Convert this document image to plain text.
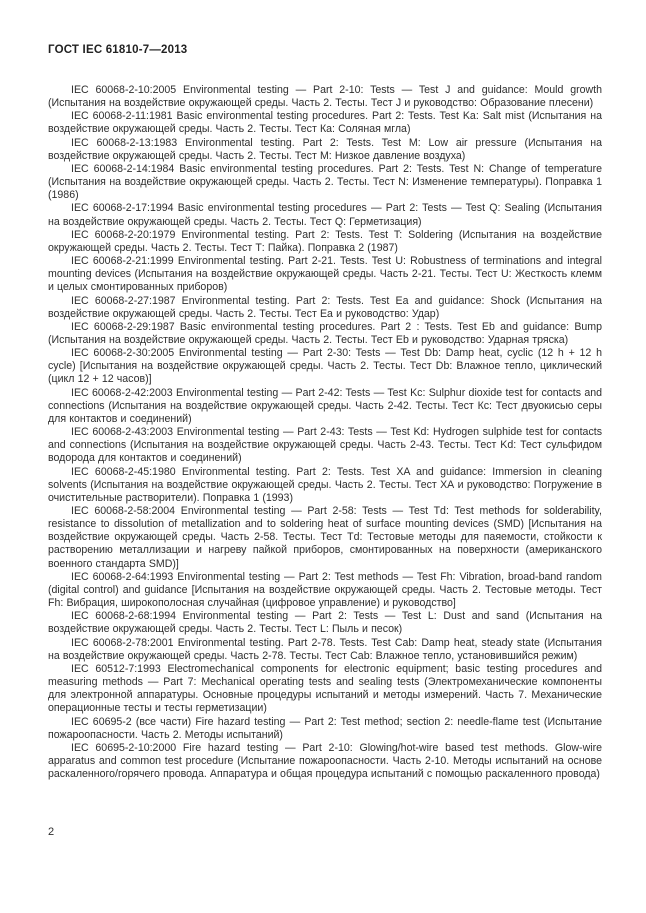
ГОСТ IEC 61810-7—2013

IEC 60068-2-10:2005 Environmental testing — Part 2-10: Tests — Test J and guidance: Mould growth (Испытания на воздействие окружающей среды. Часть 2. Тесты. Тест J и руководство: Образование плесени)

IEC 60068-2-11:1981 Basic environmental testing procedures. Part 2: Tests. Test Ka: Salt mist (Испытания на воздействие окружающей среды. Часть 2. Тесты. Тест Ка: Соляная мгла)

IEC 60068-2-13:1983 Environmental testing. Part 2: Tests. Test M: Low air pressure (Испытания на воздействие окружающей среды. Часть 2. Тесты. Тест М: Низкое давление воздуха)

IEC 60068-2-14:1984 Basic environmental testing procedures. Part 2: Tests. Test N: Change of temperature (Испытания на воздействие окружающей среды. Часть 2. Тесты. Тест N: Изменение температуры). Поправка 1 (1986)

IEC 60068-2-17:1994 Basic environmental testing procedures — Part 2: Tests — Test Q: Sealing (Испытания на воздействие окружающей среды. Часть 2. Тесты. Тест Q: Герметизация)

IEC 60068-2-20:1979 Environmental testing. Part 2: Tests. Test T: Soldering (Испытания на воздействие окружающей среды. Часть 2. Тесты. Тест Т: Пайка). Поправка 2 (1987)

IEC 60068-2-21:1999 Environmental testing. Part 2-21. Tests. Test U: Robustness of terminations and integral mounting devices (Испытания на воздействие окружающей среды. Часть 2-21. Тесты. Тест U: Жесткость клемм и целых смонтированных приборов)

IEC 60068-2-27:1987 Environmental testing. Part 2: Tests. Test Ea and guidance: Shock (Испытания на воздействие окружающей среды. Часть 2. Тесты. Тест Еа и руководство: Удар)

IEC 60068-2-29:1987 Basic environmental testing procedures. Part 2 : Tests. Test Eb and guidance: Bump (Испытания на воздействие окружающей среды. Часть 2. Тесты. Тест Eb и руководство: Ударная тряска)

IEC 60068-2-30:2005 Environmental testing — Part 2-30: Tests — Test Db: Damp heat, cyclic (12 h + 12 h cycle) [Испытания на воздействие окружающей среды. Часть 2. Тесты. Тест Db: Влажное тепло, циклический (цикл 12 + 12 часов)]

IEC 60068-2-42:2003 Environmental testing — Part 2-42: Tests — Test Kc: Sulphur dioxide test for contacts and connections (Испытания на воздействие окружающей среды. Часть 2-42. Тесты. Тест Кс: Тест двуокисью серы для контактов и соединений)

IEC 60068-2-43:2003 Environmental testing — Part 2-43: Tests — Test Kd: Hydrogen sulphide test for contacts and connections (Испытания на воздействие окружающей среды. Часть 2-43. Тесты. Тест Kd: Тест сульфидом водорода для контактов и соединений)

IEC 60068-2-45:1980 Environmental testing. Part 2: Tests. Test XA and guidance: Immersion in cleaning solvents (Испытания на воздействие окружающей среды. Часть 2. Тесты. Тест ХА и руководство: Погружение в очистительные растворители). Поправка 1 (1993)

IEC 60068-2-58:2004 Environmental testing — Part 2-58: Tests — Test Td: Test methods for solderability, resistance to dissolution of metallization and to soldering heat of surface mounting devices (SMD) [Испытания на воздействие окружающей среды. Часть 2-58. Тесты. Тест Td: Тестовые методы для паяемости, стойкости к растворению металлизации и нагреву пайкой приборов, смонтированных на поверхности (американского военного стандарта SMD)]

IEC 60068-2-64:1993 Environmental testing — Part 2: Test methods — Test Fh: Vibration, broad-band random (digital control) and guidance [Испытания на воздействие окружающей среды. Часть 2. Тестовые методы. Тест Fh: Вибрация, широкополосная случайная (цифровое управление) и руководство]

IEC 60068-2-68:1994 Environmental testing — Part 2: Tests — Test L: Dust and sand (Испытания на воздействие окружающей среды. Часть 2. Тесты. Тест L: Пыль и песок)

IEC 60068-2-78:2001 Environmental testing. Part 2-78. Tests. Test Cab: Damp heat, steady state (Испытания на воздействие окружающей среды. Часть 2-78. Тесты. Тест Cab: Влажное тепло, установившийся режим)

IEC 60512-7:1993 Electromechanical components for electronic equipment; basic testing procedures and measuring methods — Part 7: Mechanical operating tests and sealing tests (Электромеханические компоненты для электронной аппаратуры. Основные процедуры испытаний и методы измерений. Часть 7. Механические операционные тесты и тесты герметизации)

IEC 60695-2 (все части) Fire hazard testing — Part 2: Test method; section 2: needle-flame test (Испытание пожароопасности. Часть 2. Методы испытаний)

IEC 60695-2-10:2000 Fire hazard testing — Part 2-10: Glowing/hot-wire based test methods. Glow-wire apparatus and common test procedure (Испытание пожароопасности. Часть 2-10. Методы испытаний на основе раскаленного/горячего провода. Аппаратура и общая процедура испытаний с помощью раскаленного провода)

2
